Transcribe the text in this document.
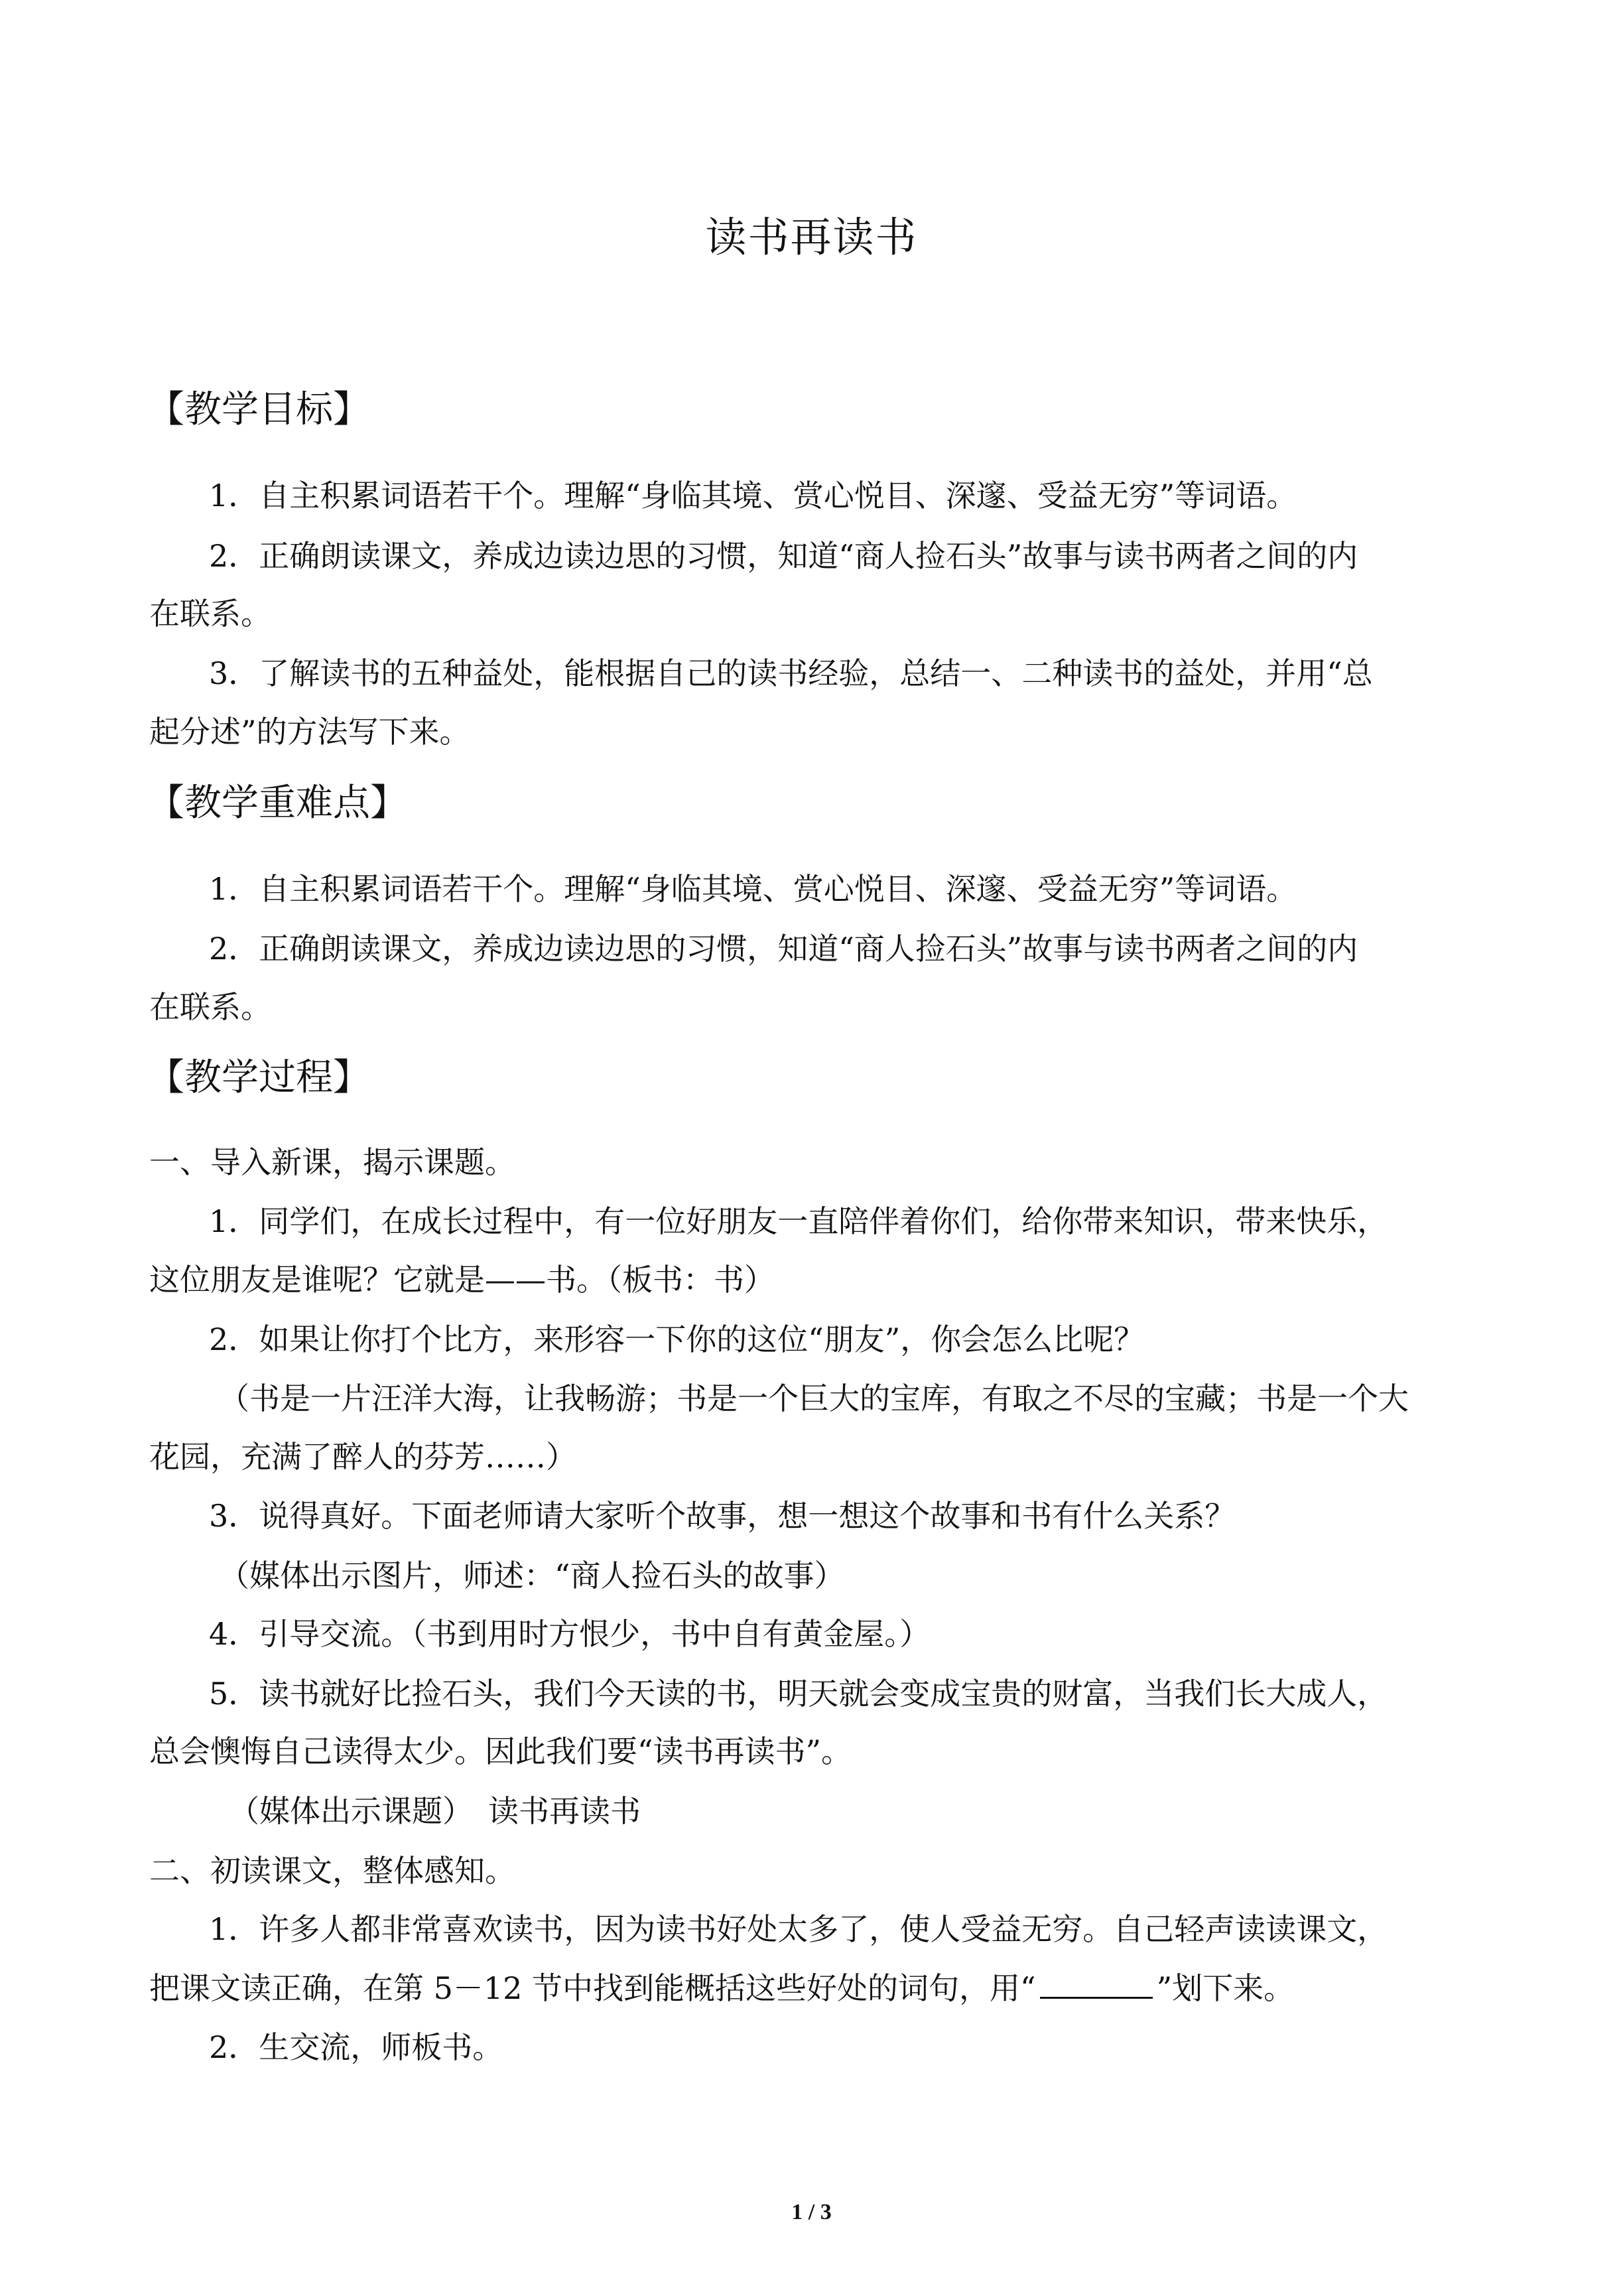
读书再读书
【教学目标】
1．自主积累词语若干个。理解“身临其境、赏心悦目、深邃、受益无穷”等词语。
2．正确朗读课文，养成边读边思的习惯，知道“商人捡石头”故事与读书两者之间的内
在联系。
3．了解读书的五种益处，能根据自己的读书经验，总结一、二种读书的益处，并用“总
起分述”的方法写下来。
【教学重难点】
1．自主积累词语若干个。理解“身临其境、赏心悦目、深邃、受益无穷”等词语。
2．正确朗读课文，养成边读边思的习惯，知道“商人捡石头”故事与读书两者之间的内
在联系。
【教学过程】
一、导入新课，揭示课题。
1．同学们，在成长过程中，有一位好朋友一直陪伴着你们，给你带来知识，带来快乐，
这位朋友是谁呢？它就是——书。（板书：书）
2．如果让你打个比方，来形容一下你的这位“朋友”，你会怎么比呢？
（书是一片汪洋大海，让我畅游；书是一个巨大的宝库，有取之不尽的宝藏；书是一个大
花园，充满了醉人的芬芳……）
3．说得真好。下面老师请大家听个故事，想一想这个故事和书有什么关系？
（媒体出示图片，师述：“商人捡石头的故事）
4．引导交流。（书到用时方恨少，书中自有黄金屋。）
5．读书就好比捡石头，我们今天读的书，明天就会变成宝贵的财富，当我们长大成人，
总会懊悔自己读得太少。因此我们要“读书再读书”。
（媒体出示课题）　读书再读书
二、初读课文，整体感知。
1．许多人都非常喜欢读书，因为读书好处太多了，使人受益无穷。自己轻声读读课文，
把课文读正确，在第 5－12 节中找到能概括这些好处的词句，用“	”划下来。
2．生交流，师板书。
1 / 3
